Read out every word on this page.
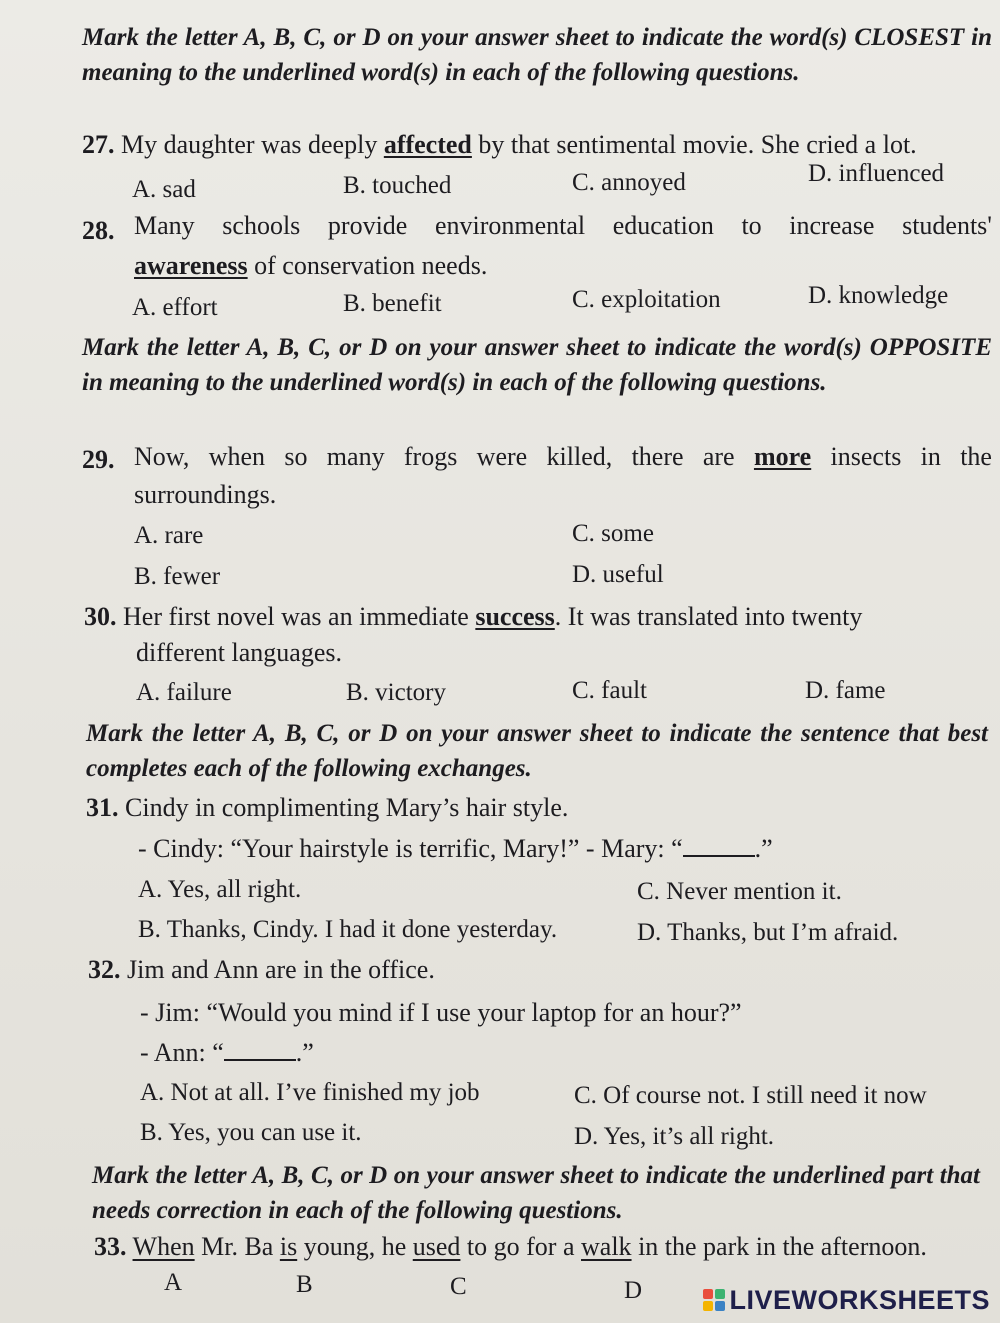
Mark the letter A, B, C, or D on your answer sheet to indicate the word(s) CLOSEST in meaning to the underlined word(s) in each of the following questions.

27. My daughter was deeply affected by that sentimental movie. She cried a lot.
A. sad	B. touched	C. annoyed	D. influenced
28. Many schools provide environmental education to increase students'
awareness of conservation needs.
A. effort	B. benefit	C. exploitation	D. knowledge

Mark the letter A, B, C, or D on your answer sheet to indicate the word(s) OPPOSITE in meaning to the underlined word(s) in each of the following questions.

29. Now, when so many frogs were killed, there are more insects in the
surroundings.
A. rare	C. some
B. fewer	D. useful
30. Her first novel was an immediate success. It was translated into twenty
different languages.
A. failure	B. victory	C. fault	D. fame

Mark the letter A, B, C, or D on your answer sheet to indicate the sentence that best completes each of the following exchanges.

31. Cindy in complimenting Mary’s hair style.
- Cindy: “Your hairstyle is terrific, Mary!” - Mary: “	.”
A. Yes, all right.	C. Never mention it.
B. Thanks, Cindy. I had it done yesterday.	D. Thanks, but I’m afraid.
32. Jim and Ann are in the office.
- Jim: “Would you mind if I use your laptop for an hour?”
- Ann: “	.”
A. Not at all. I’ve finished my job	C. Of course not. I still need it now
B. Yes, you can use it.	D. Yes, it’s all right.

Mark the letter A, B, C, or D on your answer sheet to indicate the underlined part that needs correction in each of the following questions.

33. When Mr. Ba is young, he used to go for a walk in the park in the afternoon.
A	B	C	D	LIVEWORKSHEETS
